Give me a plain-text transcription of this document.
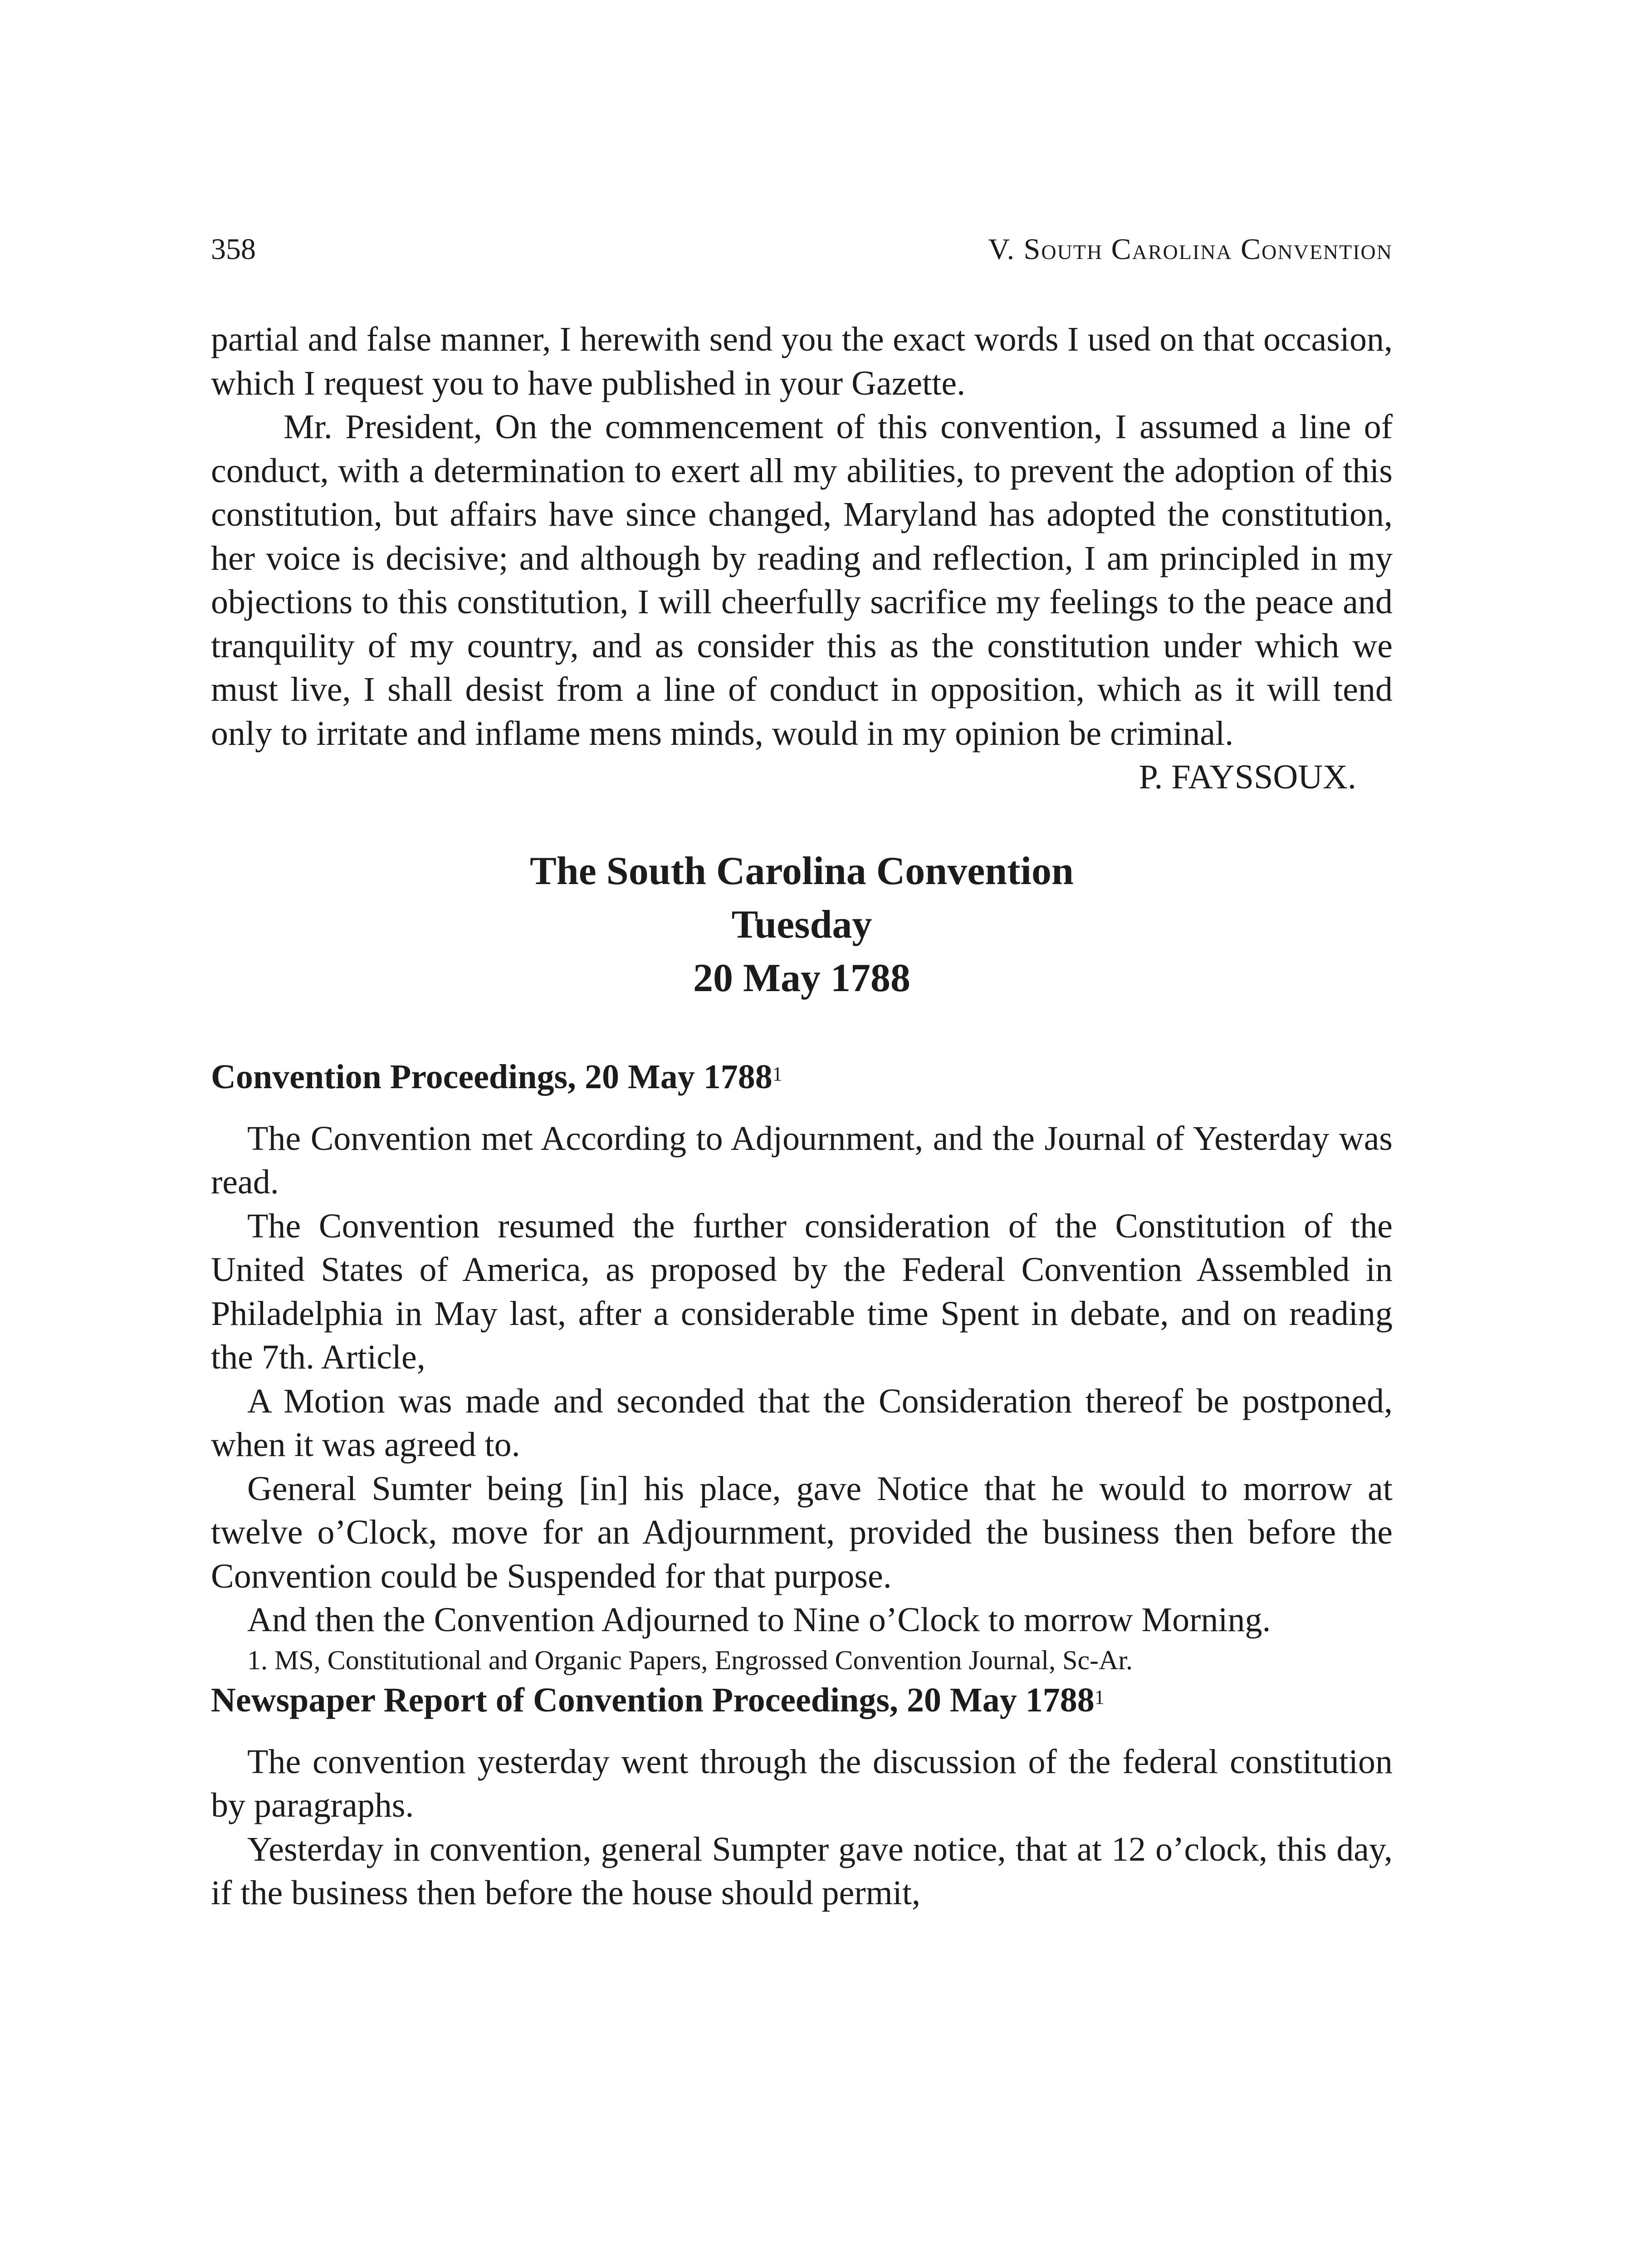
358	V. South Carolina Convention

partial and false manner, I herewith send you the exact words I used on that occasion, which I request you to have published in your Gazette.

Mr. President, On the commencement of this convention, I assumed a line of conduct, with a determination to exert all my abilities, to prevent the adoption of this constitution, but affairs have since changed, Maryland has adopted the constitution, her voice is decisive; and although by reading and reflection, I am principled in my objections to this constitution, I will cheerfully sacrifice my feelings to the peace and tranquility of my country, and as consider this as the constitution under which we must live, I shall desist from a line of conduct in opposition, which as it will tend only to irritate and inflame mens minds, would in my opinion be criminal.

P. FAYSSOUX.

The South Carolina Convention
Tuesday
20 May 1788
Convention Proceedings, 20 May 1788$^1$

The Convention met According to Adjournment, and the Journal of Yesterday was read.

The Convention resumed the further consideration of the Constitution of the United States of America, as proposed by the Federal Convention Assembled in Philadelphia in May last, after a considerable time Spent in debate, and on reading the 7th. Article,

A Motion was made and seconded that the Consideration thereof be postponed, when it was agreed to.

General Sumter being [in] his place, gave Notice that he would to morrow at twelve o’Clock, move for an Adjournment, provided the business then before the Convention could be Suspended for that purpose.

And then the Convention Adjourned to Nine o’Clock to morrow Morning.

1. MS, Constitutional and Organic Papers, Engrossed Convention Journal, Sc-Ar.

Newspaper Report of Convention Proceedings, 20 May 1788$^1$

The convention yesterday went through the discussion of the federal constitution by paragraphs.

Yesterday in convention, general Sumpter gave notice, that at 12 o’clock, this day, if the business then before the house should permit,
